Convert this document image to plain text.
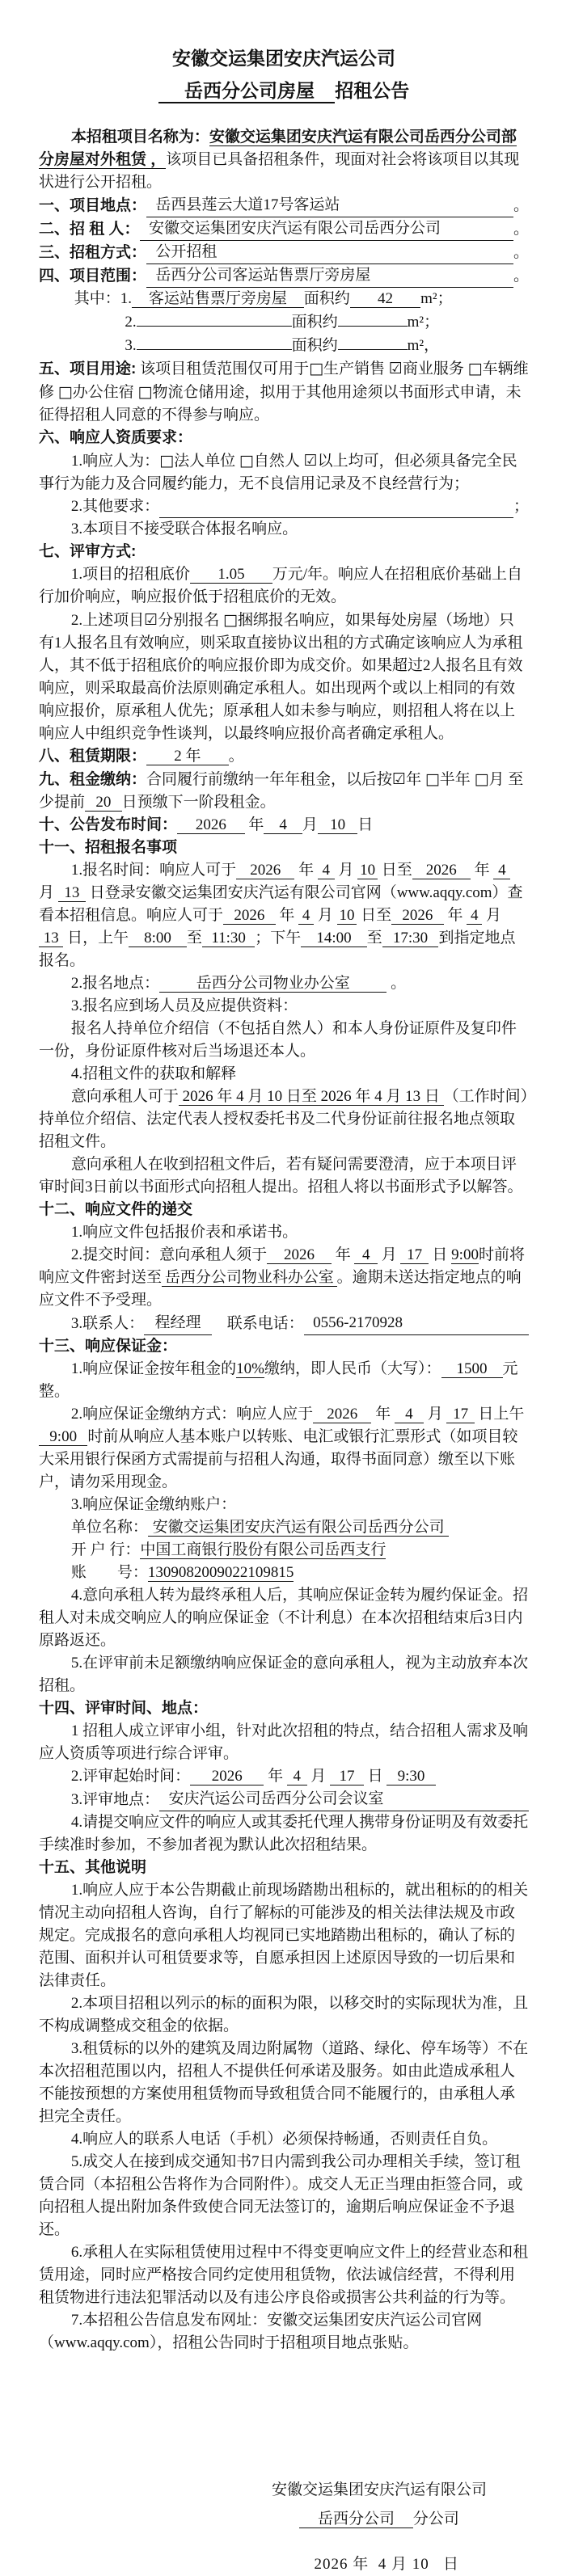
安徽交运集团安庆汽运公司
岳西分公司房屋 招租公告
本招租项目名称为：安徽交运集团安庆汽运有限公司岳西分公司部分房屋对外租赁 ，该项目已具备招租条件，现面对社会将该项目以其现状进行公开招租。
一、项目地点： 岳西县莲云大道17号客运站	。
二、招 租 人： 安徽交运集团安庆汽运有限公司岳西分公司	。
三、招租方式： 公开招租	。
四、项目范围： 岳西分公司客运站售票厅旁房屋	。
其中：1. 客运站售票厅旁房屋 面积约 42 m²；
2.	面积约	m²；
3.	面积约	m²，
五、项目用途: 该项目租赁范围仅可用于□生产销售 ☑商业服务 □车辆维修 □办公住宿 □物流仓储用途，拟用于其他用途须以书面形式申请，未征得招租人同意的不得参与响应。
六、响应人资质要求：
1.响应人为：□法人单位 □自然人 ☑以上均可，但必须具备完全民事行为能力及合同履约能力，无不良信用记录及不良经营行为；
2.其他要求：	；
3.本项目不接受联合体报名响应。
七、评审方式:
1.项目的招租底价 1.05 万元/年。响应人在招租底价基础上自行加价响应，响应报价低于招租底价的无效。
2.上述项目☑分别报名 □捆绑报名响应，如果每处房屋（场地）只有1人报名且有效响应，则采取直接协议出租的方式确定该响应人为承租人，其不低于招租底价的响应报价即为成交价。如果超过2人报名且有效响应，则采取最高价法原则确定承租人。如出现两个或以上相同的有效响应报价，原承租人优先；原承租人如未参与响应，则招租人将在以上响应人中组织竞争性谈判，以最终响应报价高者确定承租人。
八、租赁期限： 2 年 。
九、租金缴纳：合同履行前缴纳一年年租金，以后按☑年 □半年 □月 至少提前 20 日预缴下一阶段租金。
十、公告发布时间： 2026 年 4 月 10 日
十一、招租报名事项
1.报名时间：响应人可于 2026 年 4 月 10 日至 2026 年 4 月 13 日登录安徽交运集团安庆汽运有限公司官网（www.aqqy.com）查看本招租信息。响应人可于 2026 年 4 月 10 日至 2026 年 4 月 13 日，上午 8:00 至 11:30 ；下午 14:00 至 17:30 到指定地点报名。
2.报名地点： 岳西分公司物业办公室 。
3.报名应到场人员及应提供资料：
报名人持单位介绍信（不包括自然人）和本人身份证原件及复印件一份，身份证原件核对后当场退还本人。
4.招租文件的获取和解释
意向承租人可于 2026 年 4 月 10 日至 2026 年 4 月 13 日 （工作时间）持单位介绍信、法定代表人授权委托书及二代身份证前往报名地点领取招租文件。
意向承租人在收到招租文件后，若有疑问需要澄清，应于本项目评审时间3日前以书面形式向招租人提出。招租人将以书面形式予以解答。
十二、响应文件的递交
1.响应文件包括报价表和承诺书。
2.提交时间：意向承租人须于 2026 年 4 月 17 日 9:00时前将响应文件密封送至 岳西分公司物业科办公室 。逾期未送达指定地点的响应文件不予受理。
3.联系人： 程经理 联系电话： 0556-2170928
十三、响应保证金：
1.响应保证金按年租金的10%缴纳，即人民币（大写）： 1500 元整。
2.响应保证金缴纳方式：响应人应于 2026 年 4 月 17 日上午9:00 时前从响应人基本账户以转账、电汇或银行汇票形式（如项目较大采用银行保函方式需提前与招租人沟通，取得书面同意）缴至以下账户，请勿采用现金。
3.响应保证金缴纳账户：
单位名称： 安徽交运集团安庆汽运有限公司岳西分公司
开 户 行：中国工商银行股份有限公司岳西支行
账　　号：1309082009022109815
4.意向承租人转为最终承租人后，其响应保证金转为履约保证金。招租人对未成交响应人的响应保证金（不计利息）在本次招租结束后3日内原路返还。
5.在评审前未足额缴纳响应保证金的意向承租人，视为主动放弃本次招租。
十四、评审时间、地点：
1 招租人成立评审小组，针对此次招租的特点，结合招租人需求及响应人资质等项进行综合评审。
2.评审起始时间： 2026 年 4 月 17 日 9:30
3.评审地点： 安庆汽运公司岳西分公司会议室
4.请提交响应文件的响应人或其委托代理人携带身份证明及有效委托手续准时参加，不参加者视为默认此次招租结果。
十五、其他说明
1.响应人应于本公告期截止前现场踏勘出租标的，就出租标的的相关情况主动向招租人咨询，自行了解标的可能涉及的相关法律法规及市政规定。完成报名的意向承租人均视同已实地踏勘出租标的，确认了标的范围、面积并认可租赁要求等，自愿承担因上述原因导致的一切后果和法律责任。
2.本项目招租以列示的标的面积为限，以移交时的实际现状为准，且不构成调整成交租金的依据。
3.租赁标的以外的建筑及周边附属物（道路、绿化、停车场等）不在本次招租范围以内，招租人不提供任何承诺及服务。如由此造成承租人不能按预想的方案使用租赁物而导致租赁合同不能履行的，由承租人承担完全责任。
4.响应人的联系人电话（手机）必须保持畅通，否则责任自负。
5.成交人在接到成交通知书7日内需到我公司办理相关手续，签订租赁合同（本招租公告将作为合同附件）。成交人无正当理由拒签合同，或向招租人提出附加条件致使合同无法签订的，逾期后响应保证金不予退还。
6.承租人在实际租赁使用过程中不得变更响应文件上的经营业态和租赁用途，同时应严格按合同约定使用租赁物，依法诚信经营，不得利用租赁物进行违法犯罪活动以及有违公序良俗或损害公共利益的行为等。
7.本招租公告信息发布网址：安徽交运集团安庆汽运公司官网（www.aqqy.com），招租公告同时于招租项目地点张贴。
安徽交运集团安庆汽运有限公司
岳西分公司 分公司
2026 年  4 月 10   日
